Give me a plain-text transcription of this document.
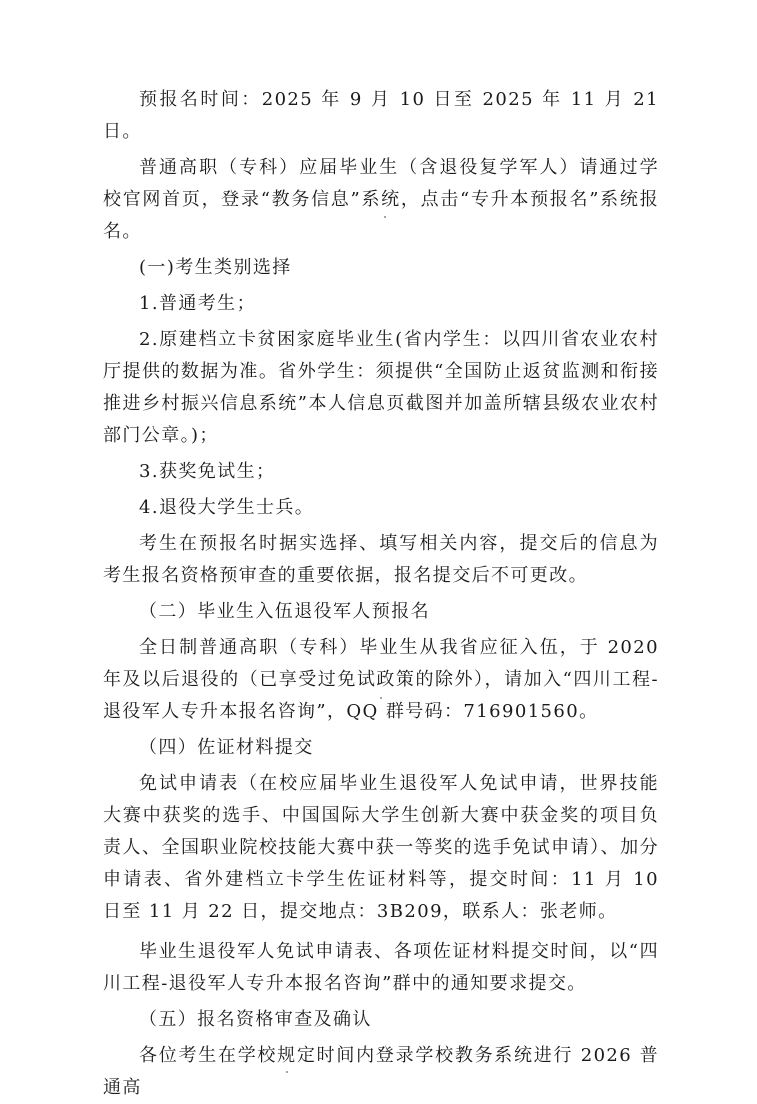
预报名时间：2025 年 9 月 10 日至 2025 年 11 月 21 日。

普通高职（专科）应届毕业生（含退役复学军人）请通过学校官网首页，登录“教务信息”系统，点击“专升本预报名”系统报名。

(一)考生类别选择

1.普通考生；

2.原建档立卡贫困家庭毕业生(省内学生：以四川省农业农村厅提供的数据为准。省外学生：须提供“全国防止返贫监测和衔接推进乡村振兴信息系统”本人信息页截图并加盖所辖县级农业农村部门公章。)；

3.获奖免试生；

4.退役大学生士兵。

考生在预报名时据实选择、填写相关内容，提交后的信息为考生报名资格预审查的重要依据，报名提交后不可更改。

（二）毕业生入伍退役军人预报名

全日制普通高职（专科）毕业生从我省应征入伍，于 2020 年及以后退役的（已享受过免试政策的除外），请加入“四川工程-退役军人专升本报名咨询”，QQ 群号码：716901560。

（四）佐证材料提交

免试申请表（在校应届毕业生退役军人免试申请，世界技能大赛中获奖的选手、中国国际大学生创新大赛中获金奖的项目负责人、全国职业院校技能大赛中获一等奖的选手免试申请）、加分申请表、省外建档立卡学生佐证材料等，提交时间：11 月 10 日至 11 月 22 日，提交地点：3B209，联系人：张老师。

毕业生退役军人免试申请表、各项佐证材料提交时间，以“四川工程-退役军人专升本报名咨询”群中的通知要求提交。

（五）报名资格审查及确认

各位考生在学校规定时间内登录学校教务系统进行 2026 普通高
